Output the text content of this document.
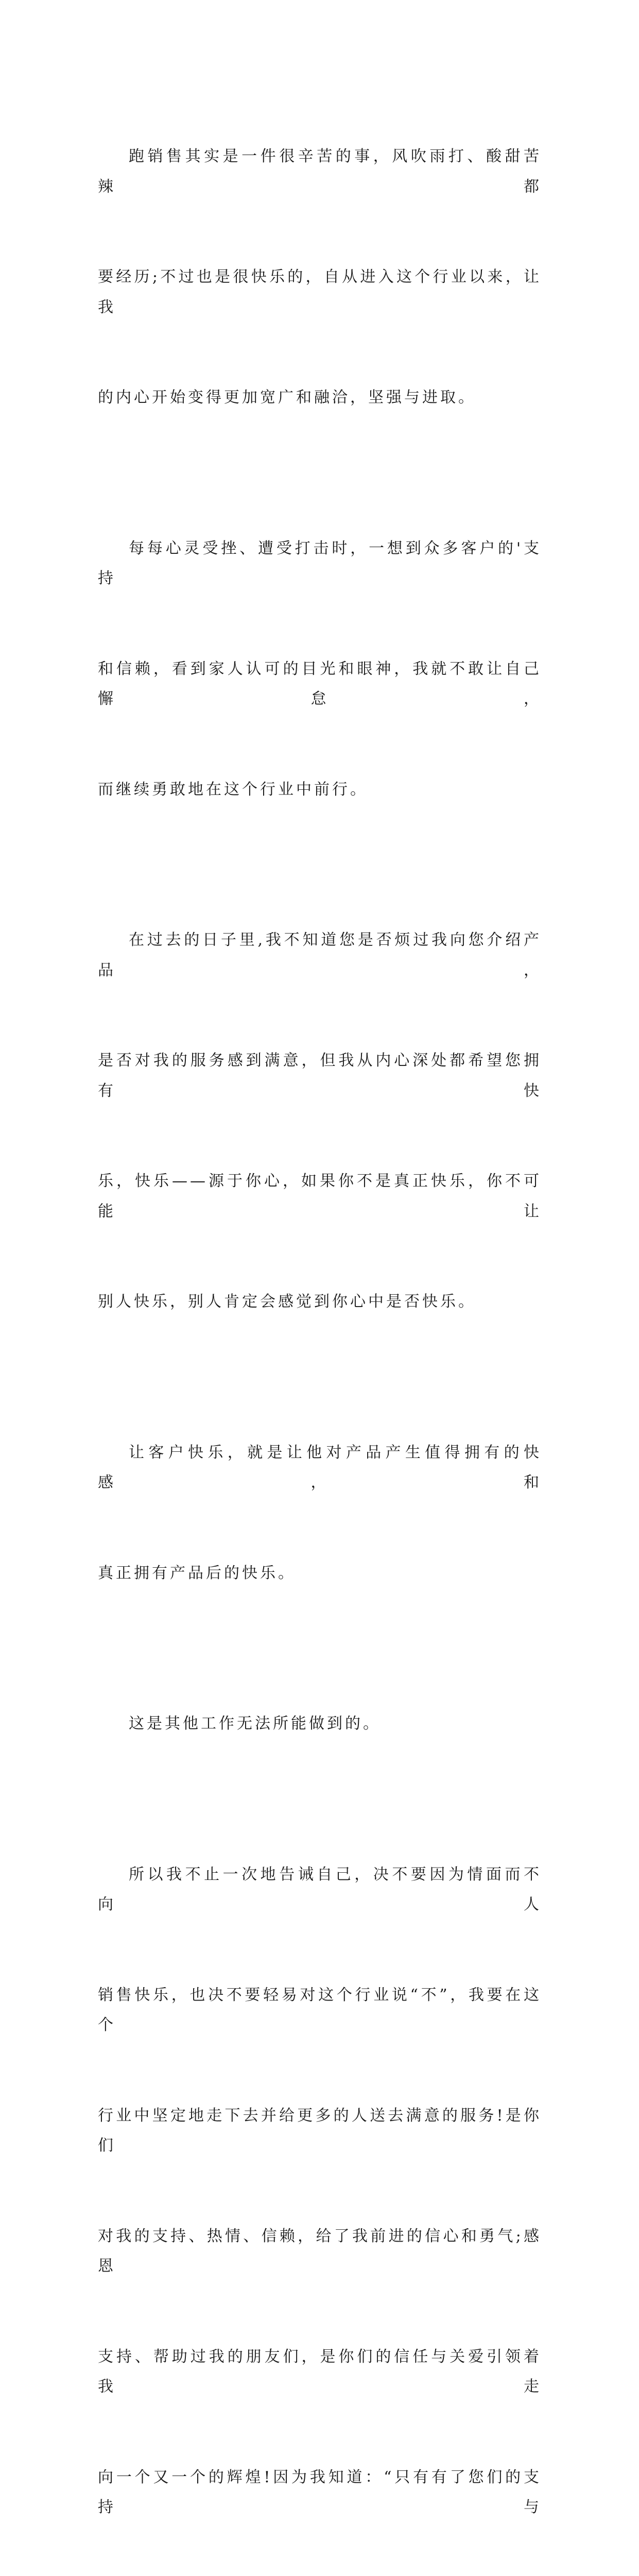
跑销售其实是一件很辛苦的事，风吹雨打、酸甜苦辣都

要经历;不过也是很快乐的，自从进入这个行业以来，让我

的内心开始变得更加宽广和融洽，坚强与进取。

每每心灵受挫、遭受打击时，一想到众多客户的'支持

和信赖，看到家人认可的目光和眼神，我就不敢让自己懈怠，

而继续勇敢地在这个行业中前行。

在过去的日子里,我不知道您是否烦过我向您介绍产品，

是否对我的服务感到满意，但我从内心深处都希望您拥有快

乐，快乐——源于你心，如果你不是真正快乐，你不可能让

别人快乐，别人肯定会感觉到你心中是否快乐。

让客户快乐，就是让他对产品产生值得拥有的快感，和

真正拥有产品后的快乐。

这是其他工作无法所能做到的。

所以我不止一次地告诫自己，决不要因为情面而不向人

销售快乐，也决不要轻易对这个行业说“不”，我要在这个

行业中坚定地走下去并给更多的人送去满意的服务!是你们

对我的支持、热情、信赖，给了我前进的信心和勇气;感恩

支持、帮助过我的朋友们，是你们的信任与关爱引领着我走

向一个又一个的辉煌!因为我知道：“只有有了您们的支持与
